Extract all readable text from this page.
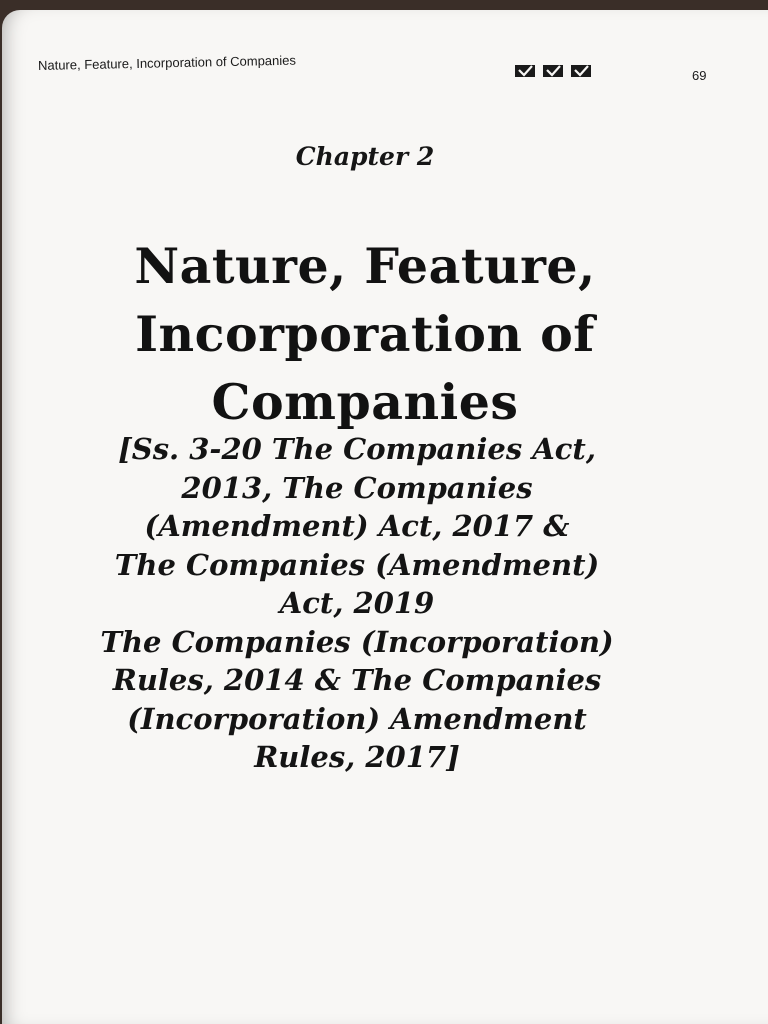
Nature, Feature, Incorporation of Companies
69
Chapter 2
Nature, Feature,
Incorporation of
Companies
[Ss. 3-20 The Companies Act,
2013, The Companies
(Amendment) Act, 2017 &
The Companies (Amendment)
Act, 2019
The Companies (Incorporation)
Rules, 2014 & The Companies
(Incorporation) Amendment
Rules, 2017]
